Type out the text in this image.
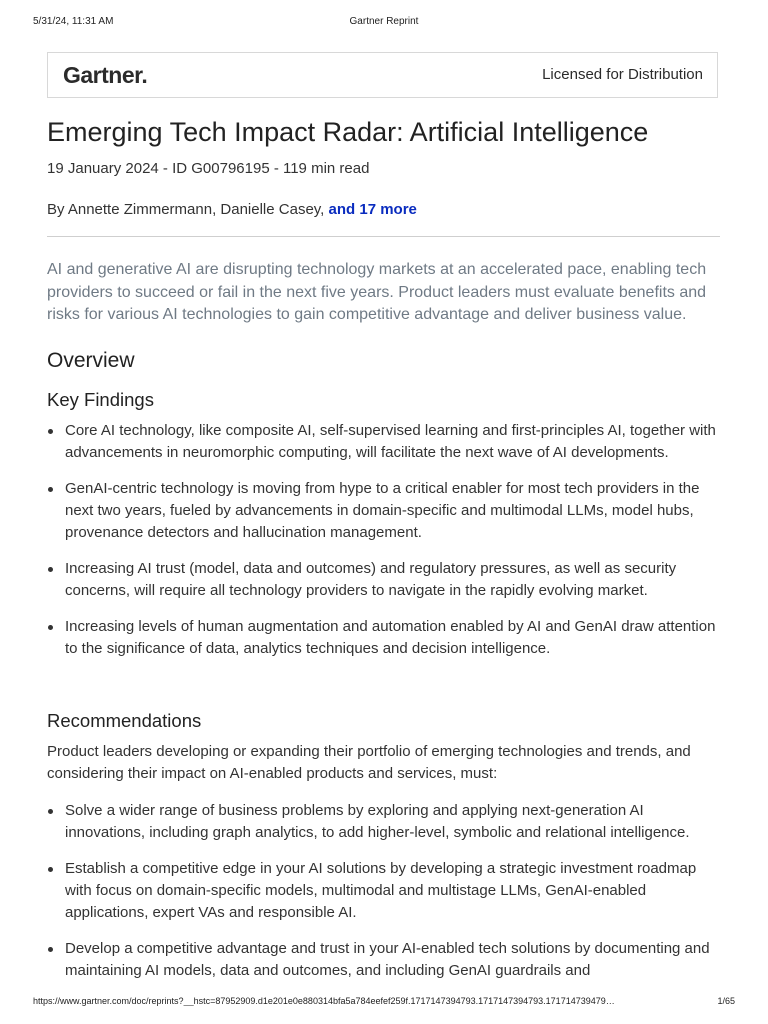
5/31/24, 11:31 AM	Gartner Reprint
Gartner.	Licensed for Distribution
Emerging Tech Impact Radar: Artificial Intelligence
19 January 2024 - ID G00796195 - 119 min read
By Annette Zimmermann, Danielle Casey, and 17 more

AI and generative AI are disrupting technology markets at an accelerated pace, enabling tech providers to succeed or fail in the next five years. Product leaders must evaluate benefits and risks for various AI technologies to gain competitive advantage and deliver business value.

Overview
Key Findings
Core AI technology, like composite AI, self-supervised learning and first-principles AI, together with advancements in neuromorphic computing, will facilitate the next wave of AI developments.
GenAI-centric technology is moving from hype to a critical enabler for most tech providers in the next two years, fueled by advancements in domain-specific and multimodal LLMs, model hubs, provenance detectors and hallucination management.
Increasing AI trust (model, data and outcomes) and regulatory pressures, as well as security concerns, will require all technology providers to navigate in the rapidly evolving market.
Increasing levels of human augmentation and automation enabled by AI and GenAI draw attention to the significance of data, analytics techniques and decision intelligence.
Recommendations

Product leaders developing or expanding their portfolio of emerging technologies and trends, and considering their impact on AI-enabled products and services, must:

Solve a wider range of business problems by exploring and applying next-generation AI innovations, including graph analytics, to add higher-level, symbolic and relational intelligence.
Establish a competitive edge in your AI solutions by developing a strategic investment roadmap with focus on domain-specific models, multimodal and multistage LLMs, GenAI-enabled applications, expert VAs and responsible AI.
Develop a competitive advantage and trust in your AI-enabled tech solutions by documenting and maintaining AI models, data and outcomes, and including GenAI guardrails and
https://www.gartner.com/doc/reprints?__hstc=87952909.d1e201e0e880314bfa5a784eefef259f.1717147394793.1717147394793.171714739479…	1/65
